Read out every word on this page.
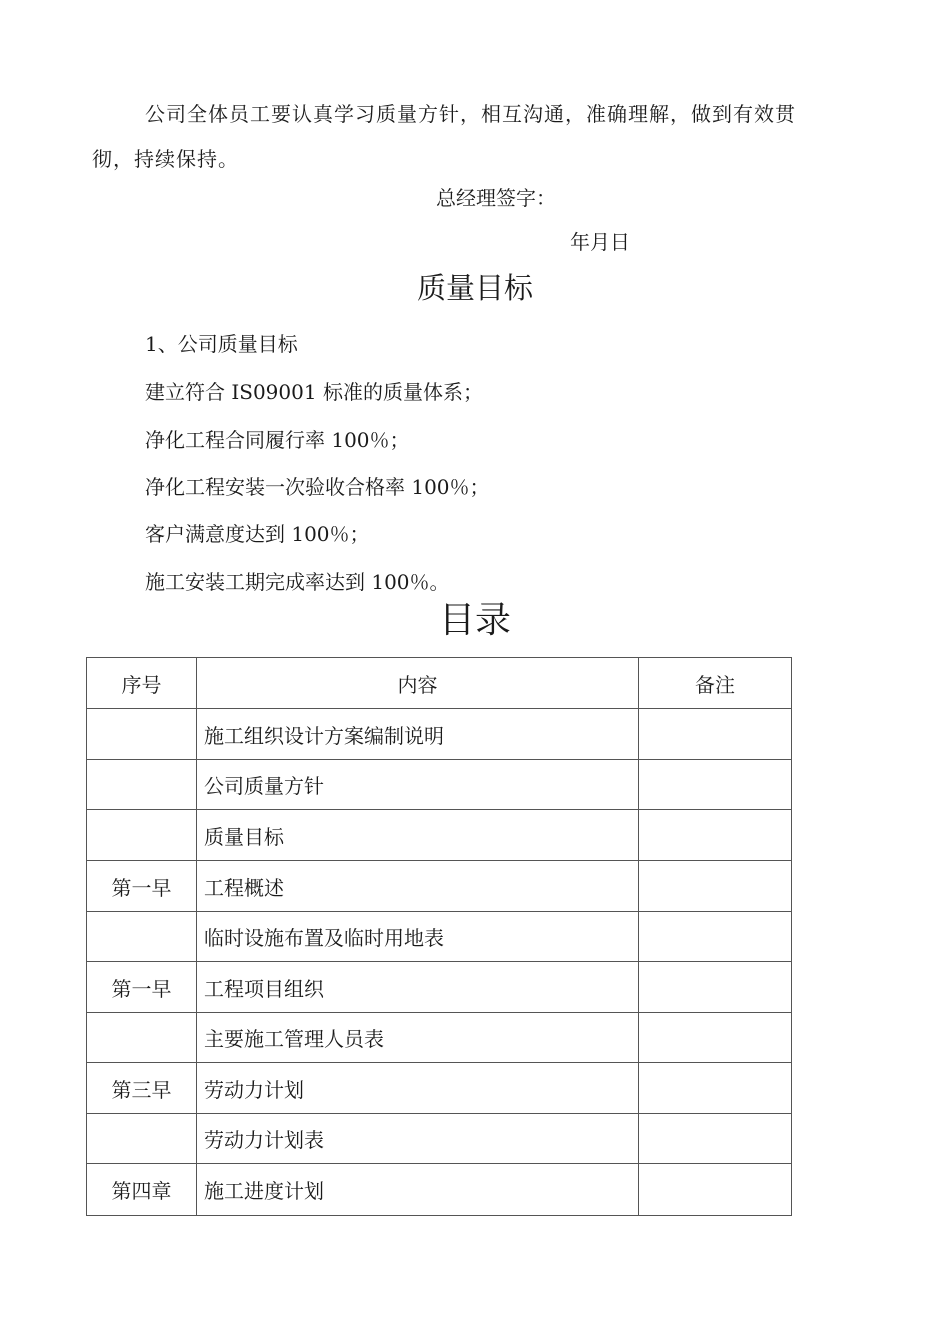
公司全体员工要认真学习质量方针，相互沟通，准确理解，做到有效贯
彻，持续保持。
总经理签字：
年月日
质量目标
1、公司质量目标
建立符合 IS09001 标准的质量体系；
净化工程合同履行率 100％；
净化工程安装一次验收合格率 100％；
客户满意度达到 100％；
施工安装工期完成率达到 100％。
目录
序号	内容	备注
	施工组织设计方案编制说明	
	公司质量方针	
	质量目标	
第一早	工程概述	
	临时设施布置及临时用地表	
第一早	工程项目组织	
	主要施工管理人员表	
第三早	劳动力计划	
	劳动力计划表	
第四章	施工进度计划	
